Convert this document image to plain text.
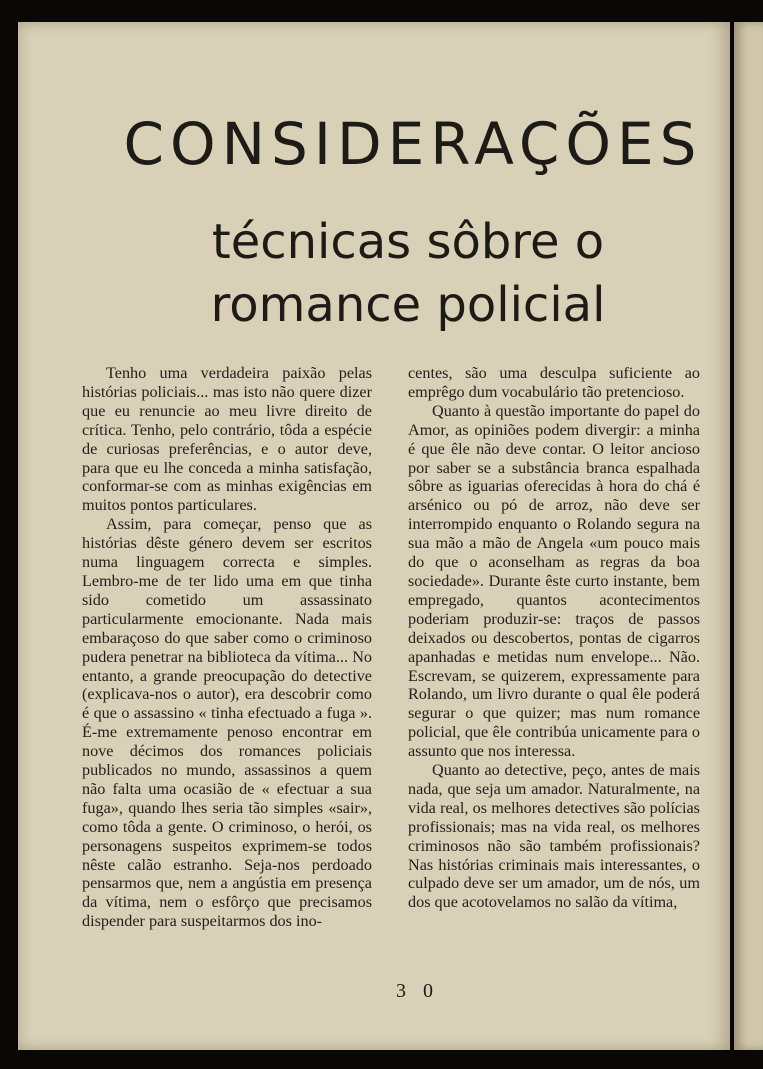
CONSIDERAÇÕES
técnicas sôbre o
romance policial

Tenho uma verdadeira paixão pelas histórias policiais... mas isto não quere dizer que eu renuncie ao meu livre direito de crítica. Tenho, pelo contrário, tôda a espécie de curiosas preferências, e o autor deve, para que eu lhe conceda a minha satisfação, conformar-se com as minhas exigências em muitos pontos particulares.

Assim, para começar, penso que as histórias dêste género devem ser escritos numa linguagem correcta e simples. Lembro-me de ter lido uma em que tinha sido cometido um assassinato particularmente emocionante. Nada mais embaraçoso do que saber como o criminoso pudera penetrar na biblioteca da vítima... No entanto, a grande preocupação do detective (explicava-nos o autor), era descobrir como é que o assassino « tinha efectuado a fuga ». É-me extremamente penoso encontrar em nove décimos dos romances policiais publicados no mundo, assassinos a quem não falta uma ocasião de « efectuar a sua fuga», quando lhes seria tão simples «sair», como tôda a gente. O criminoso, o herói, os personagens suspeitos exprimem-se todos nêste calão estranho. Seja-nos perdoado pensarmos que, nem a angústia em presença da vítima, nem o esfôrço que precisamos dispender para suspeitarmos dos ino-

centes, são uma desculpa suficiente ao emprêgo dum vocabulário tão pretencioso.

Quanto à questão importante do papel do Amor, as opiniões podem divergir: a minha é que êle não deve contar. O leitor ancioso por saber se a substância branca espalhada sôbre as iguarias oferecidas à hora do chá é arsénico ou pó de arroz, não deve ser interrompido enquanto o Rolando segura na sua mão a mão de Angela «um pouco mais do que o aconselham as regras da boa sociedade». Durante êste curto instante, bem empregado, quantos acontecimentos poderiam produzir-se: traços de passos deixados ou descobertos, pontas de cigarros apanhadas e metidas num envelope... Não. Escrevam, se quizerem, expressamente para Rolando, um livro durante o qual êle poderá segurar o que quizer; mas num romance policial, que êle contribúa unicamente para o assunto que nos interessa.

Quanto ao detective, peço, antes de mais nada, que seja um amador. Naturalmente, na vida real, os melhores detectives são polícias profissionais; mas na vida real, os melhores criminosos não são também profissionais? Nas histórias criminais mais interessantes, o culpado deve ser um amador, um de nós, um dos que acotovelamos no salão da vítima,

3 0
